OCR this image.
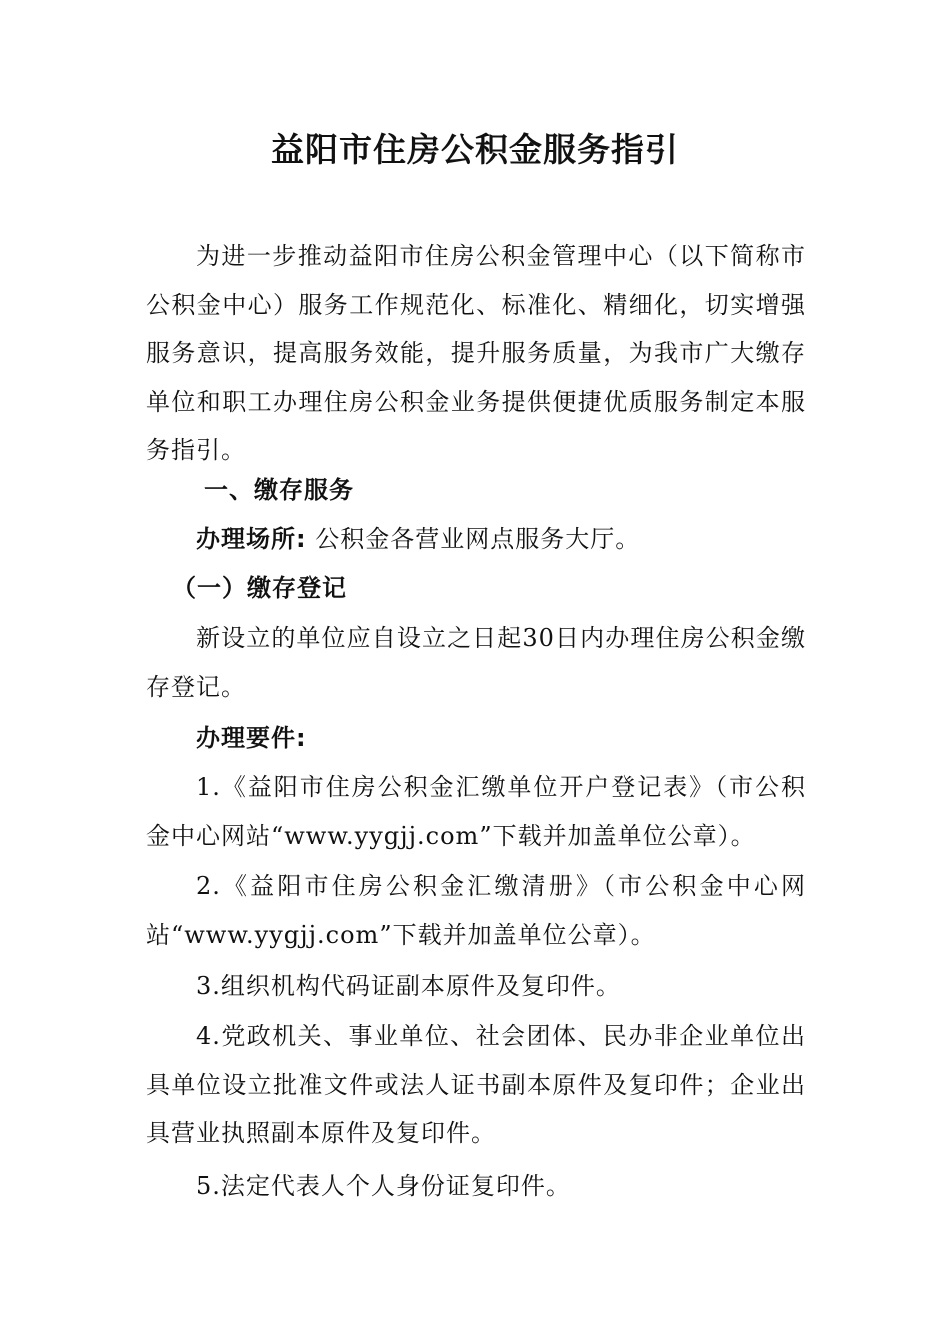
益阳市住房公积金服务指引
为进一步推动益阳市住房公积金管理中心（以下简称市公积金中心）服务工作规范化、标准化、精细化，切实增强服务意识，提高服务效能，提升服务质量，为我市广大缴存单位和职工办理住房公积金业务提供便捷优质服务制定本服务指引。
一、缴存服务
办理场所: 公积金各营业网点服务大厅。
（一）缴存登记
新设立的单位应自设立之日起30日内办理住房公积金缴存登记。
办理要件:
1.《益阳市住房公积金汇缴单位开户登记表》（市公积金中心网站“www.yygjj.com”下载并加盖单位公章）。
2.《益阳市住房公积金汇缴清册》（市公积金中心网站“www.yygjj.com”下载并加盖单位公章）。
3.组织机构代码证副本原件及复印件。
4.党政机关、事业单位、社会团体、民办非企业单位出具单位设立批准文件或法人证书副本原件及复印件；企业出具营业执照副本原件及复印件。
5.法定代表人个人身份证复印件。
